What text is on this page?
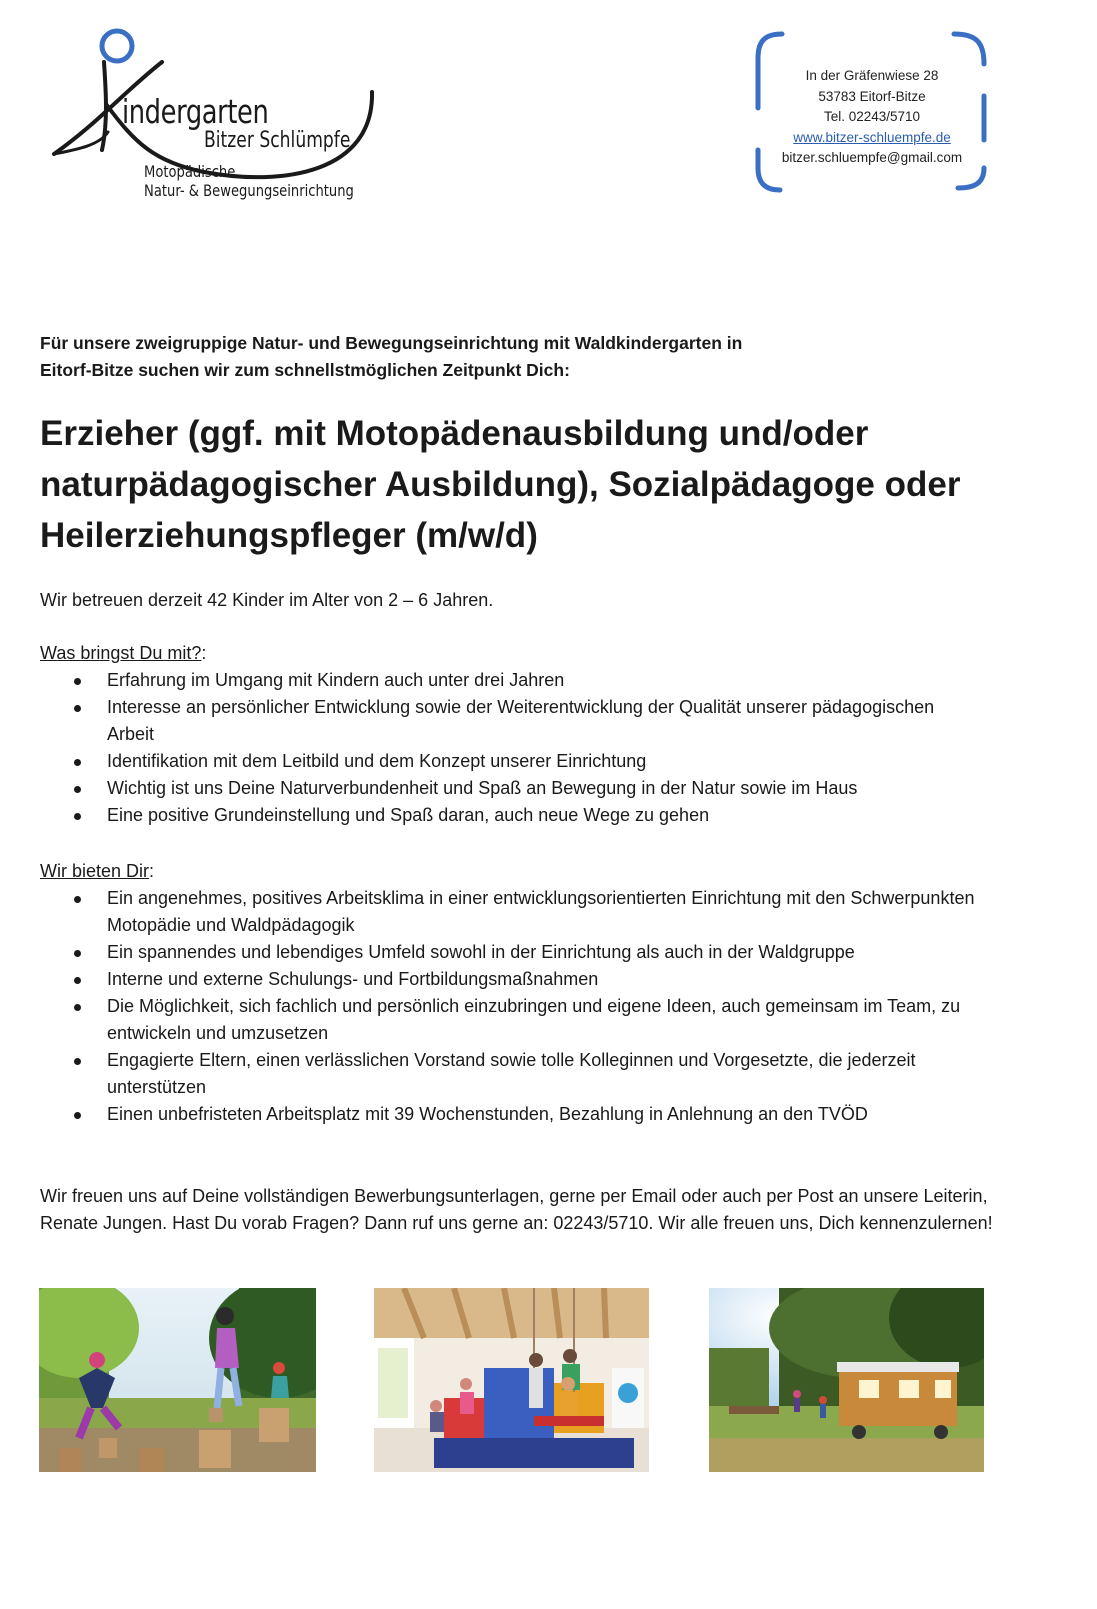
indergarten
Bitzer Schlümpfe
Motopädische
Natur- & Bewegungseinrichtung
In der Gräfenwiese 28
53783 Eitorf-Bitze
Tel. 02243/5710
www.bitzer-schluempfe.de
bitzer.schluempfe@gmail.com
Für unsere zweigruppige Natur- und Bewegungseinrichtung mit Waldkindergarten in
Eitorf-Bitze suchen wir zum schnellstmöglichen Zeitpunkt Dich:
Erzieher (ggf. mit Motopädenausbildung und/oder
naturpädagogischer Ausbildung), Sozialpädagoge oder
Heilerziehungspfleger (m/w/d)

Wir betreuen derzeit 42 Kinder im Alter von 2 – 6 Jahren.

Was bringst Du mit?:

Erfahrung im Umgang mit Kindern auch unter drei Jahren
Interesse an persönlicher Entwicklung sowie der Weiterentwicklung der Qualität unserer pädagogischen Arbeit
Identifikation mit dem Leitbild und dem Konzept unserer Einrichtung
Wichtig ist uns Deine Naturverbundenheit und Spaß an Bewegung in der Natur sowie im Haus
Eine positive Grundeinstellung und Spaß daran, auch neue Wege zu gehen

Wir bieten Dir:

Ein angenehmes, positives Arbeitsklima in einer entwicklungsorientierten Einrichtung mit den Schwerpunkten Motopädie und Waldpädagogik
Ein spannendes und lebendiges Umfeld sowohl in der Einrichtung als auch in der Waldgruppe
Interne und externe Schulungs- und Fortbildungsmaßnahmen
Die Möglichkeit, sich fachlich und persönlich einzubringen und eigene Ideen, auch gemeinsam im Team, zu entwickeln und umzusetzen
Engagierte Eltern, einen verlässlichen Vorstand sowie tolle Kolleginnen und Vorgesetzte, die jederzeit unterstützen
Einen unbefristeten Arbeitsplatz mit 39 Wochenstunden, Bezahlung in Anlehnung an den TVÖD

Wir freuen uns auf Deine vollständigen Bewerbungsunterlagen, gerne per Email oder auch per Post an unsere Leiterin, Renate Jungen. Hast Du vorab Fragen? Dann ruf uns gerne an: 02243/5710. Wir alle freuen uns, Dich kennenzulernen!
